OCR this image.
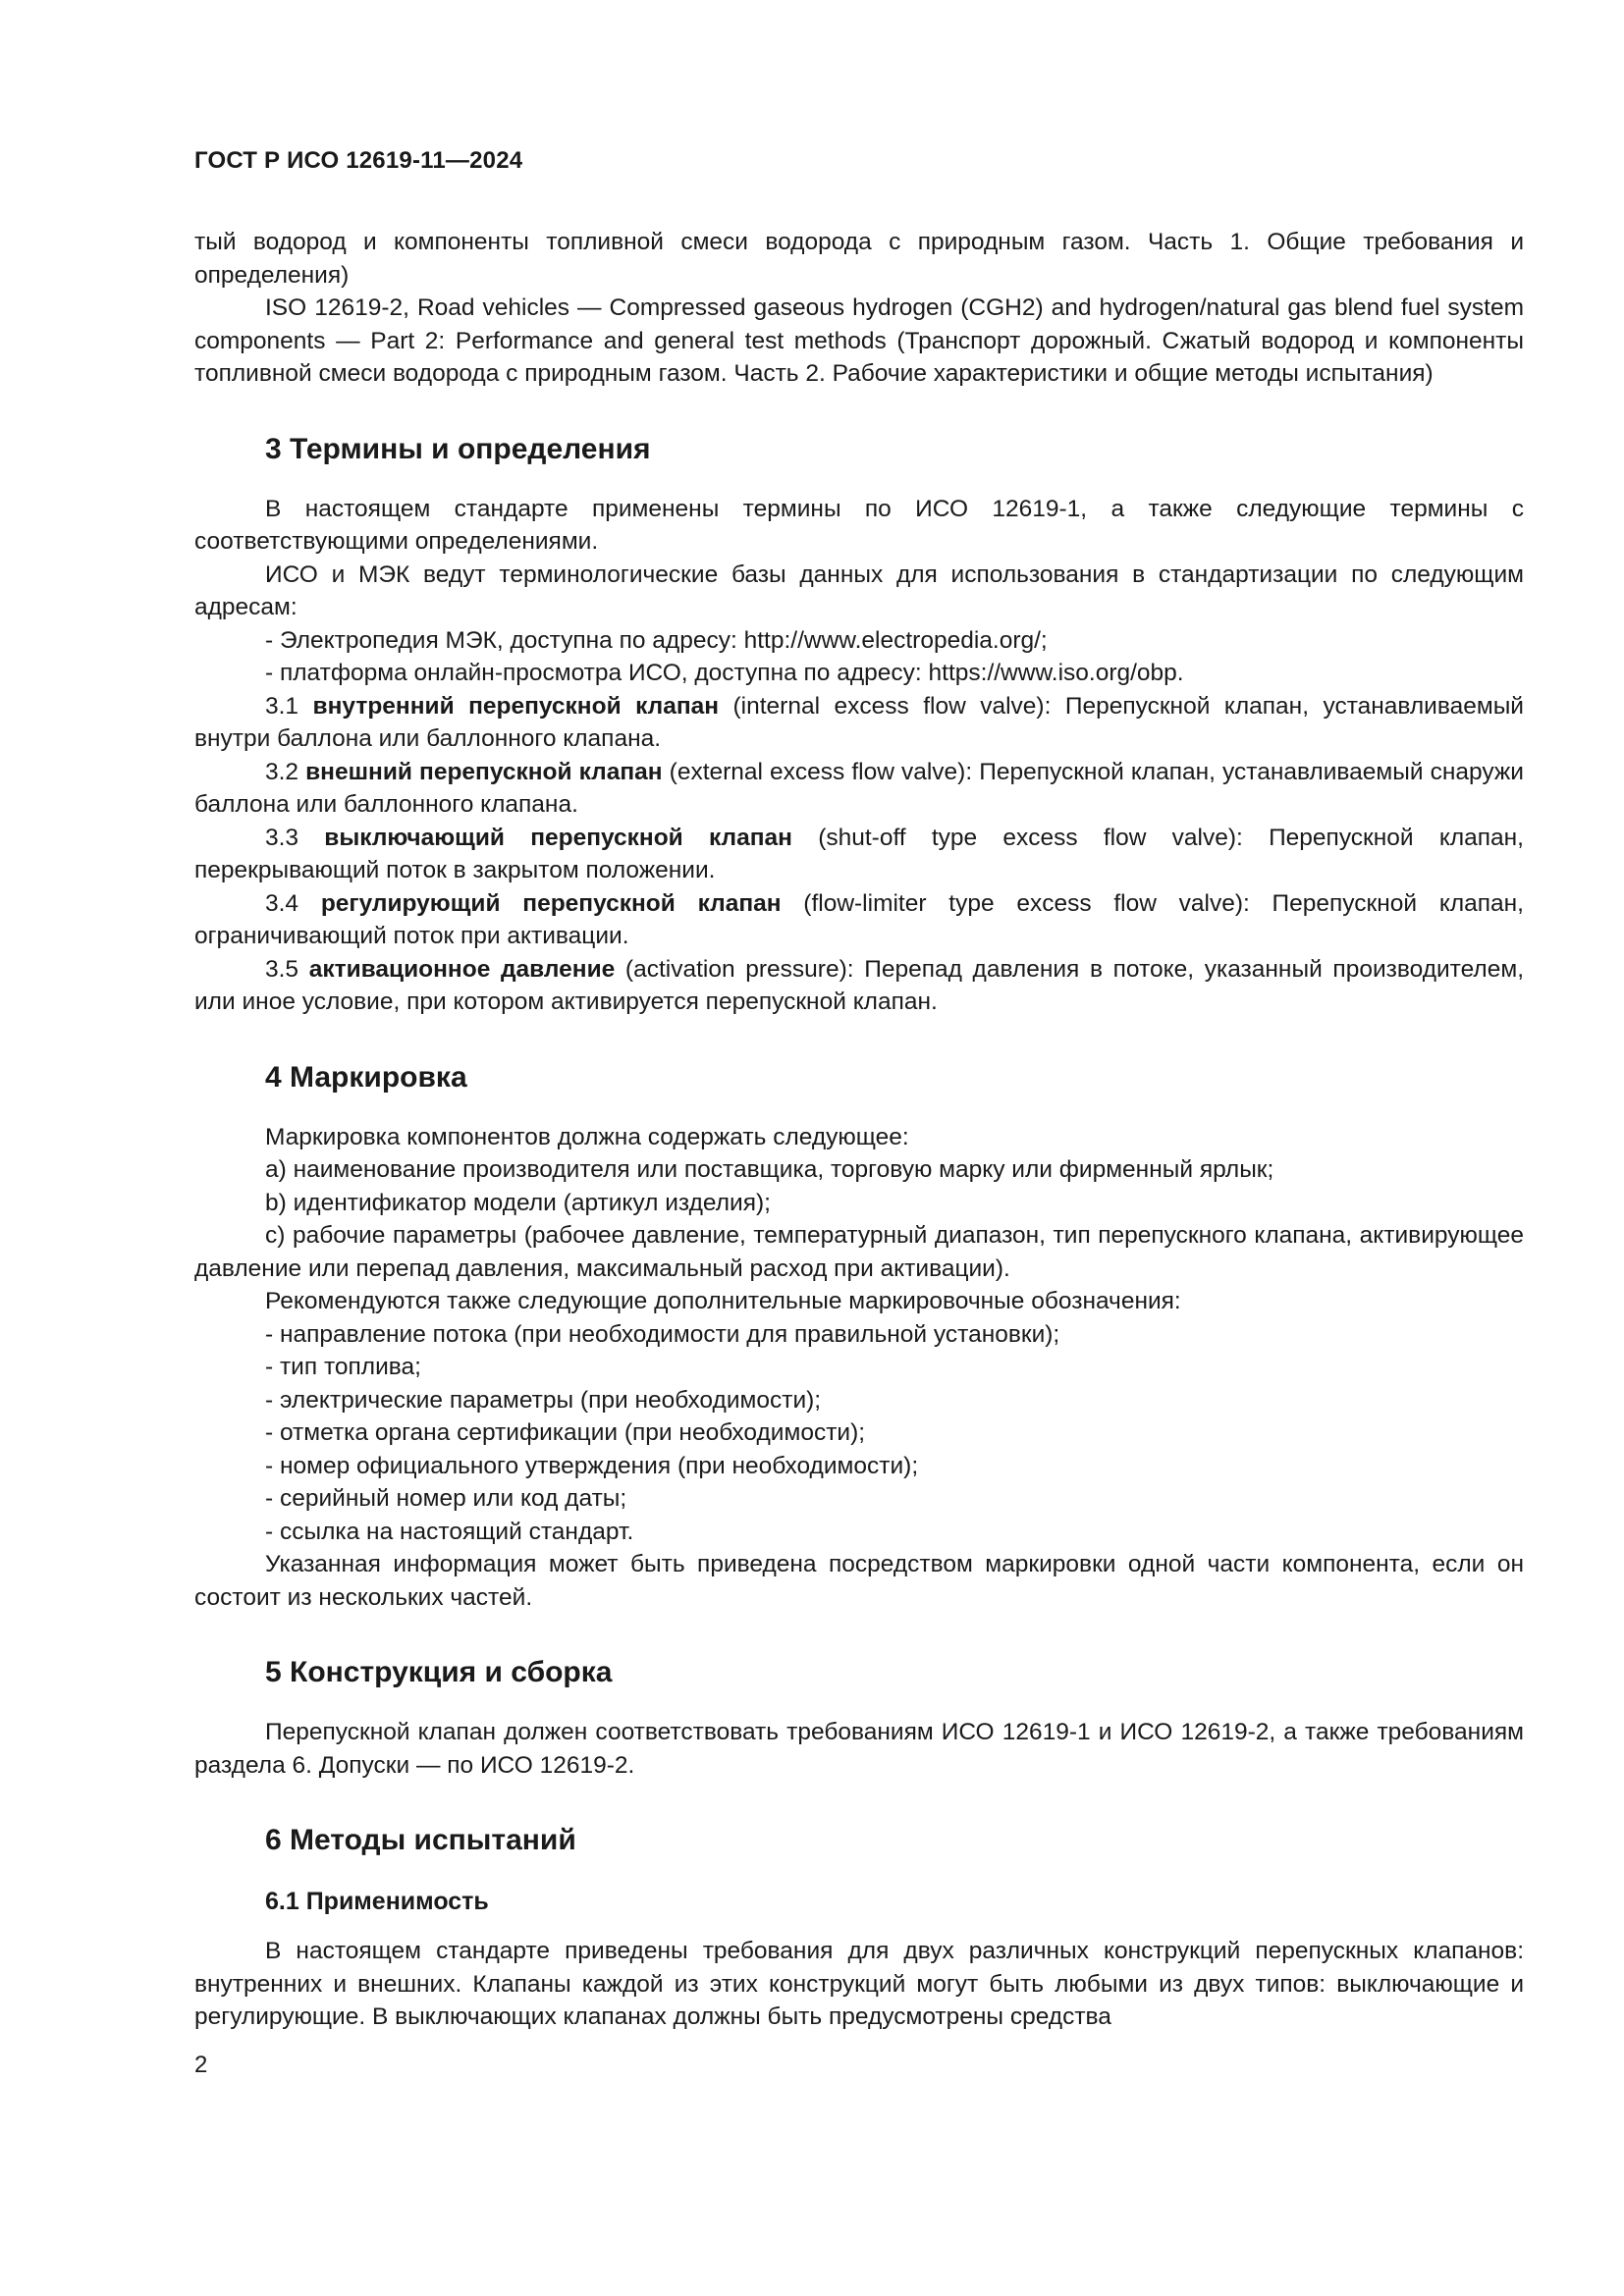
ГОСТ Р ИСО 12619-11—2024

тый водород и компоненты топливной смеси водорода с природным газом. Часть 1. Общие требования и определения)

ISO 12619-2, Road vehicles — Compressed gaseous hydrogen (CGH2) and hydrogen/natural gas blend fuel system components — Part 2: Performance and general test methods (Транспорт дорожный. Сжатый водород и компоненты топливной смеси водорода с природным газом. Часть 2. Рабочие характеристики и общие методы испытания)

3 Термины и определения

В настоящем стандарте применены термины по ИСО 12619-1, а также следующие термины с соответствующими определениями.

ИСО и МЭК ведут терминологические базы данных для использования в стандартизации по следующим адресам:

- Электропедия МЭК, доступна по адресу: http://www.electropedia.org/;

- платформа онлайн-просмотра ИСО, доступна по адресу: https://www.iso.org/obp.

3.1 внутренний перепускной клапан (internal excess flow valve): Перепускной клапан, устанавливаемый внутри баллона или баллонного клапана.

3.2 внешний перепускной клапан (external excess flow valve): Перепускной клапан, устанавливаемый снаружи баллона или баллонного клапана.

3.3 выключающий перепускной клапан (shut-off type excess flow valve): Перепускной клапан, перекрывающий поток в закрытом положении.

3.4 регулирующий перепускной клапан (flow-limiter type excess flow valve): Перепускной клапан, ограничивающий поток при активации.

3.5 активационное давление (activation pressure): Перепад давления в потоке, указанный производителем, или иное условие, при котором активируется перепускной клапан.

4 Маркировка

Маркировка компонентов должна содержать следующее:

a) наименование производителя или поставщика, торговую марку или фирменный ярлык;

b) идентификатор модели (артикул изделия);

c) рабочие параметры (рабочее давление, температурный диапазон, тип перепускного клапана, активирующее давление или перепад давления, максимальный расход при активации).

Рекомендуются также следующие дополнительные маркировочные обозначения:

- направление потока (при необходимости для правильной установки);

- тип топлива;

- электрические параметры (при необходимости);

- отметка органа сертификации (при необходимости);

- номер официального утверждения (при необходимости);

- серийный номер или код даты;

- ссылка на настоящий стандарт.

Указанная информация может быть приведена посредством маркировки одной части компонента, если он состоит из нескольких частей.

5 Конструкция и сборка

Перепускной клапан должен соответствовать требованиям ИСО 12619-1 и ИСО 12619-2, а также требованиям раздела 6. Допуски — по ИСО 12619-2.

6 Методы испытаний
6.1 Применимость

В настоящем стандарте приведены требования для двух различных конструкций перепускных клапанов: внутренних и внешних. Клапаны каждой из этих конструкций могут быть любыми из двух типов: выключающие и регулирующие. В выключающих клапанах должны быть предусмотрены средства

2
